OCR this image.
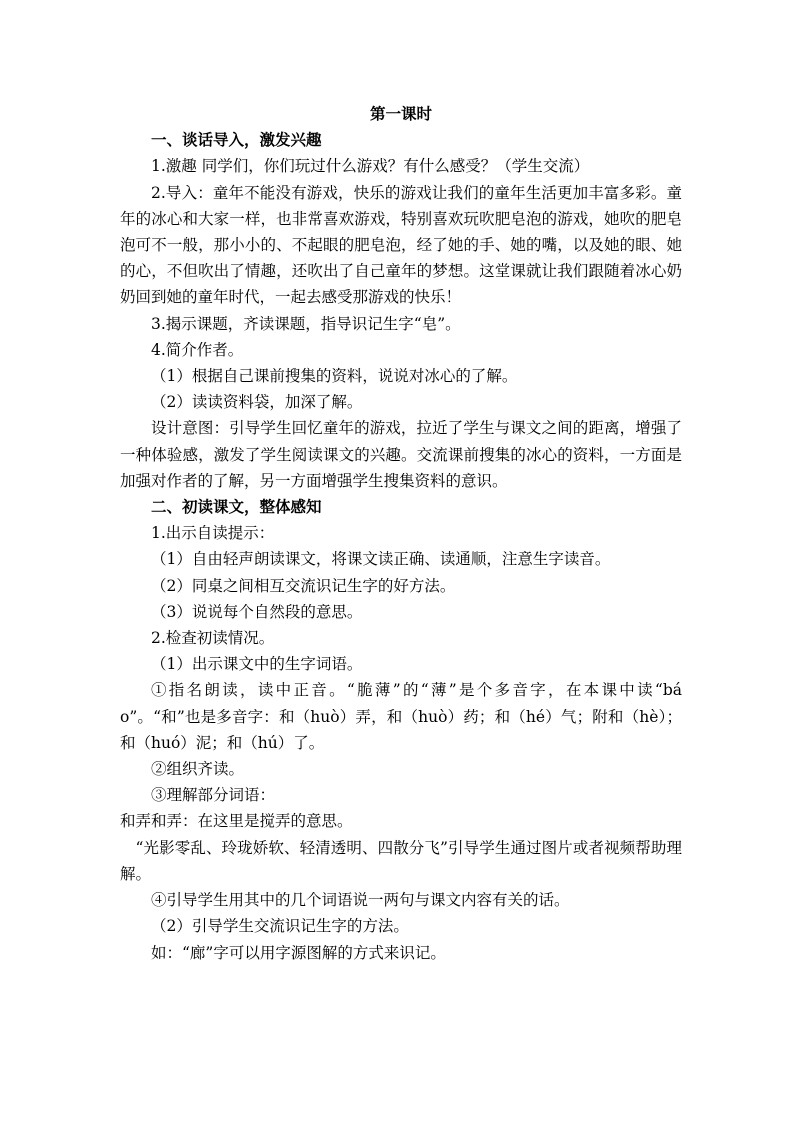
第一课时

一、谈话导入，激发兴趣

1.激趣 同学们，你们玩过什么游戏？有什么感受？（学生交流）

2.导入：童年不能没有游戏，快乐的游戏让我们的童年生活更加丰富多彩。童年的冰心和大家一样，也非常喜欢游戏，特别喜欢玩吹肥皂泡的游戏，她吹的肥皂泡可不一般，那小小的、不起眼的肥皂泡，经了她的手、她的嘴，以及她的眼、她的心，不但吹出了情趣，还吹出了自己童年的梦想。这堂课就让我们跟随着冰心奶奶回到她的童年时代，一起去感受那游戏的快乐！

3.揭示课题，齐读课题，指导识记生字“皂”。

4.简介作者。

（1）根据自己课前搜集的资料，说说对冰心的了解。

（2）读读资料袋，加深了解。

设计意图：引导学生回忆童年的游戏，拉近了学生与课文之间的距离，增强了一种体验感，激发了学生阅读课文的兴趣。交流课前搜集的冰心的资料，一方面是加强对作者的了解，另一方面增强学生搜集资料的意识。

二、初读课文，整体感知

1.出示自读提示：

（1）自由轻声朗读课文，将课文读正确、读通顺，注意生字读音。

（2）同桌之间相互交流识记生字的好方法。

（3）说说每个自然段的意思。

2.检查初读情况。

（1）出示课文中的生字词语。

①指名朗读，读中正音。“脆薄”的“薄”是个多音字，在本课中读“báo”。“和”也是多音字：和（huò）弄，和（huò）药；和（hé）气；附和（hè）；和（huó）泥；和（hú）了。

②组织齐读。

③理解部分词语：

和弄和弄：在这里是搅弄的意思。

“光影零乱、玲珑娇软、轻清透明、四散分飞”引导学生通过图片或者视频帮助理解。

④引导学生用其中的几个词语说一两句与课文内容有关的话。

（2）引导学生交流识记生字的方法。

如：“廊”字可以用字源图解的方式来识记。
